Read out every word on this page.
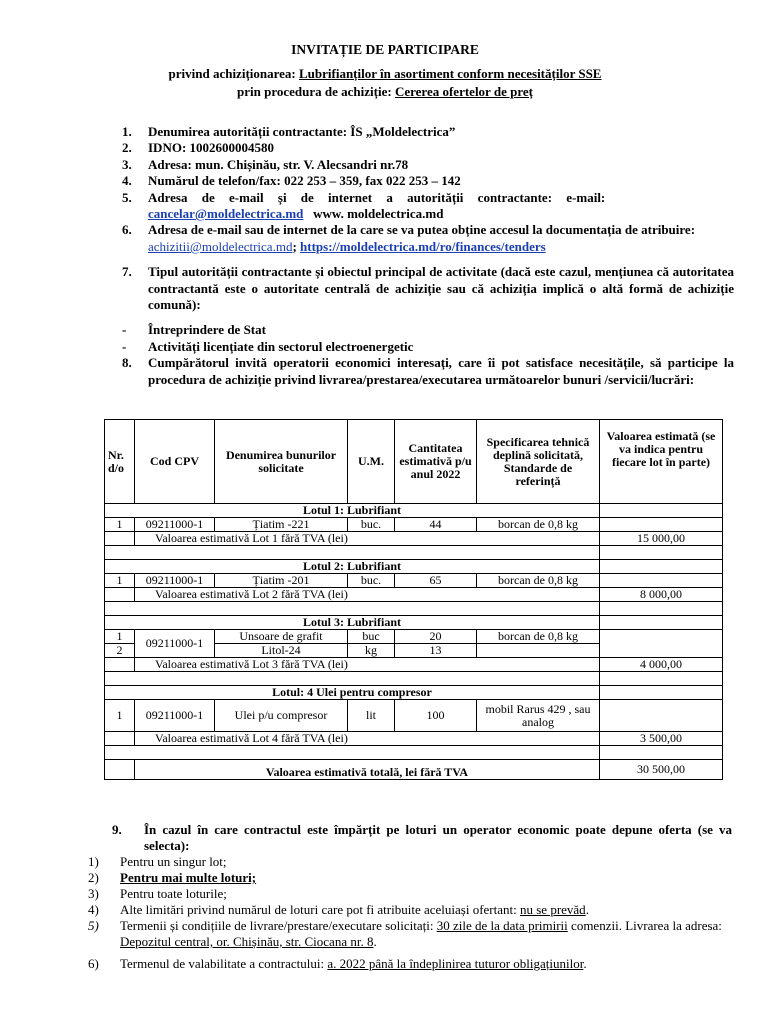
INVITAȚIE DE PARTICIPARE
privind achiziționarea: Lubrifianților în asortiment conform necesităților SSE
prin procedura de achiziție: Cererea ofertelor de preț
1. Denumirea autorității contractante: ÎS „Moldelectrica”
2. IDNO: 1002600004580
3. Adresa: mun. Chișinău, str. V. Alecsandri nr.78
4. Numărul de telefon/fax: 022 253 – 359, fax 022 253 – 142
5. Adresa de e-mail și de internet a autorității contractante: e-mail:
cancelar@moldelectrica.md www. moldelectrica.md
6. Adresa de e-mail sau de internet de la care se va putea obține accesul la documentația de atribuire: achizitii@moldelectrica.md; https://moldelectrica.md/ro/finances/tenders
7. Tipul autorității contractante și obiectul principal de activitate (dacă este cazul, mențiunea că autoritatea contractantă este o autoritate centrală de achiziție sau că achiziția implică o altă formă de achiziție comună):
- Întreprindere de Stat
- Activități licențiate din sectorul electroenergetic
8. Cumpărătorul invită operatorii economici interesați, care îi pot satisface necesitățile, să participe la procedura de achiziție privind livrarea/prestarea/executarea următoarelor bunuri /servicii/lucrări:
Nr. d/o	Cod CPV	Denumirea bunurilor solicitate	U.M.	Cantitatea estimativă p/u anul 2022	Specificarea tehnică deplină solicitată, Standarde de referință	Valoarea estimată (se va indica pentru fiecare lot în parte)
Lotul 1: Lubrifiant						
1	09211000-1	Țiatim -221	buc.	44	borcan de 0,8 kg	
	Valoarea estimativă Lot 1 fără TVA (lei)					15 000,00

Lotul 2: Lubrifiant						
1	09211000-1	Țiatim -201	buc.	65	borcan de 0,8 kg	
	Valoarea estimativă Lot 2 fără TVA (lei)					8 000,00

Lotul 3: Lubrifiant						
1	09211000-1	Unsoare de grafit	buc	20	borcan de 0,8 kg	
2		Litol-24	kg	13		
	Valoarea estimativă Lot 3 fără TVA (lei)					4 000,00

Lotul: 4 Ulei pentru compresor						
1	09211000-1	Ulei p/u compresor	lit	100	mobil Rarus 429 , sau analog	
	Valoarea estimativă Lot 4 fără TVA (lei)					3 500,00

	Valoarea estimativă totală, lei fără TVA					30 500,00
9. În cazul în care contractul este împărțit pe loturi un operator economic poate depune oferta (se va selecta):
1) Pentru un singur lot;
2) Pentru mai multe loturi;
3) Pentru toate loturile;
4) Alte limitări privind numărul de loturi care pot fi atribuite aceluiași ofertant: nu se prevăd.
5) Termenii și condițiile de livrare/prestare/executare solicitați: 30 zile de la data primirii comenzii. Livrarea la adresa: Depozitul central, or. Chișinău, str. Ciocana nr. 8.
6) Termenul de valabilitate a contractului: a. 2022 până la îndeplinirea tuturor obligațiunilor.
